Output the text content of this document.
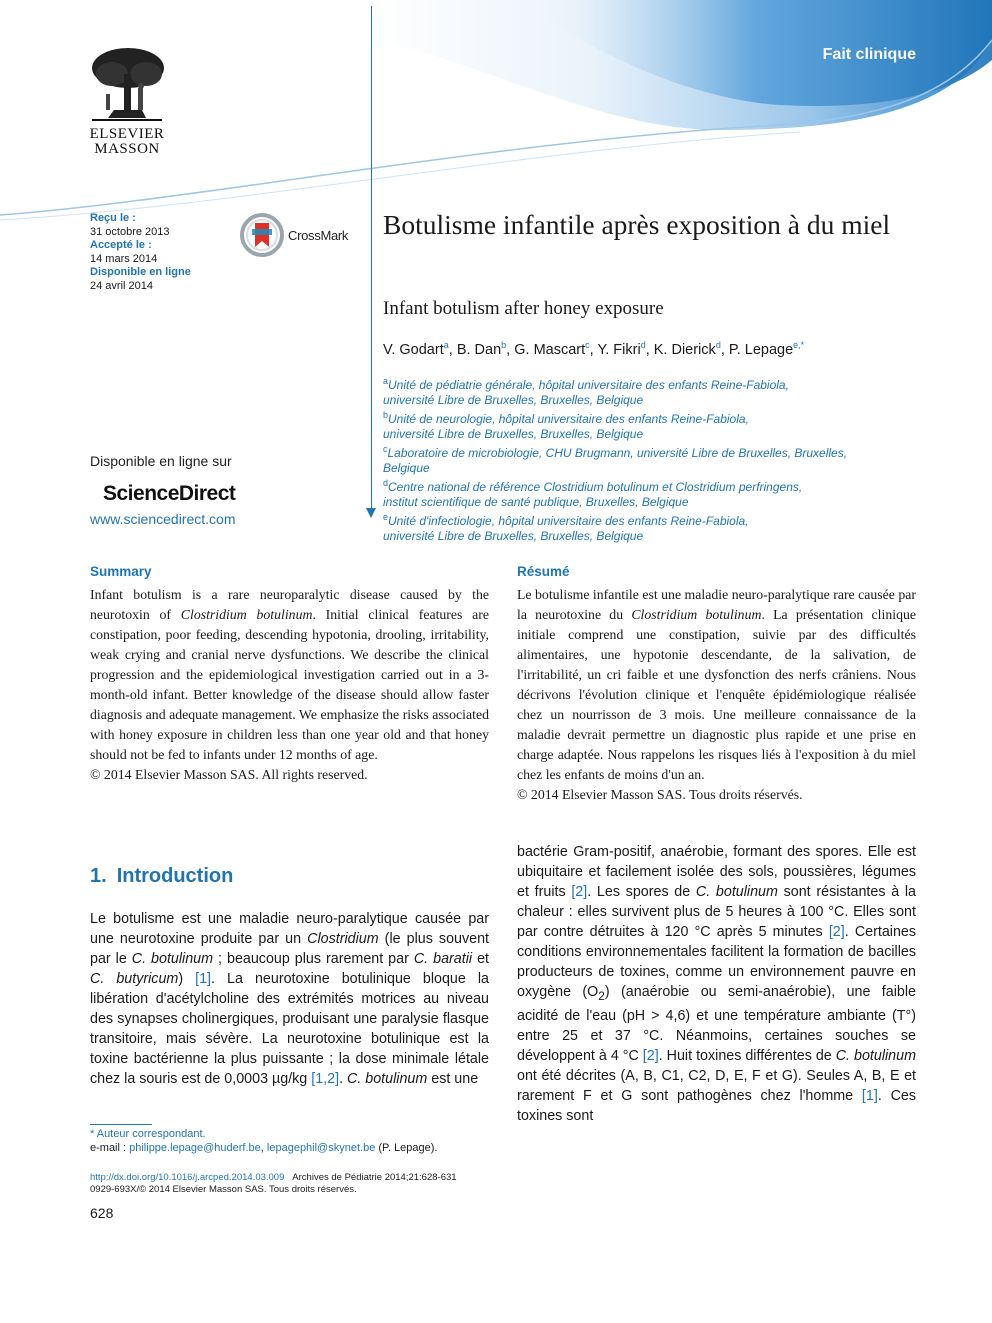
Fait clinique
ELSEVIER
MASSON
Reçu le :
31 octobre 2013
Accepté le :
14 mars 2014
Disponible en ligne
24 avril 2014
CrossMark Botulisme infantile après exposition à du miel
Infant botulism after honey exposure
V. Godart$^a$, B. Dan$^b$, G. Mascart$^c$, Y. Fikri$^d$, K. Dierick$^d$, P. Lepage$^{e,*}$
$^a$Unité de pédiatrie générale, hôpital universitaire des enfants Reine-Fabiola,
université Libre de Bruxelles, Bruxelles, Belgique
$^b$Unité de neurologie, hôpital universitaire des enfants Reine-Fabiola,
université Libre de Bruxelles, Bruxelles, Belgique
$^c$Laboratoire de microbiologie, CHU Brugmann, université Libre de Bruxelles, Bruxelles,
Belgique
$^d$Centre national de référence Clostridium botulinum et Clostridium perfringens,
institut scientifique de santé publique, Bruxelles, Belgique
$^e$Unité d'infectiologie, hôpital universitaire des enfants Reine-Fabiola,
université Libre de Bruxelles, Bruxelles, Belgique
Disponible en ligne sur
ScienceDirect
www.sciencedirect.com
Summary

Infant botulism is a rare neuroparalytic disease caused by the neurotoxin of Clostridium botulinum. Initial clinical features are constipation, poor feeding, descending hypotonia, drooling, irritability, weak crying and cranial nerve dysfunctions. We describe the clinical progression and the epidemiological investigation carried out in a 3-month-old infant. Better knowledge of the disease should allow faster diagnosis and adequate management. We emphasize the risks associated with honey exposure in children less than one year old and that honey should not be fed to infants under 12 months of age.

© 2014 Elsevier Masson SAS. All rights reserved.

Résumé

Le botulisme infantile est une maladie neuro-paralytique rare causée par la neurotoxine du Clostridium botulinum. La présentation clinique initiale comprend une constipation, suivie par des difficultés alimentaires, une hypotonie descendante, de la salivation, de l'irritabilité, un cri faible et une dysfonction des nerfs crâniens. Nous décrivons l'évolution clinique et l'enquête épidémiologique réalisée chez un nourrisson de 3 mois. Une meilleure connaissance de la maladie devrait permettre un diagnostic plus rapide et une prise en charge adaptée. Nous rappelons les risques liés à l'exposition à du miel chez les enfants de moins d'un an.

© 2014 Elsevier Masson SAS. Tous droits réservés.

1. Introduction

Le botulisme est une maladie neuro-paralytique causée par une neurotoxine produite par un Clostridium (le plus souvent par le C. botulinum ; beaucoup plus rarement par C. baratii et C. butyricum) [1]. La neurotoxine botulinique bloque la libération d'acétylcholine des extrémités motrices au niveau des synapses cholinergiques, produisant une paralysie flasque transitoire, mais sévère. La neurotoxine botulinique est la toxine bactérienne la plus puissante ; la dose minimale létale chez la souris est de 0,0003 µg/kg [1,2]. C. botulinum est une

bactérie Gram-positif, anaérobie, formant des spores. Elle est ubiquitaire et facilement isolée des sols, poussières, légumes et fruits [2]. Les spores de C. botulinum sont résistantes à la chaleur : elles survivent plus de 5 heures à 100 °C. Elles sont par contre détruites à 120 °C après 5 minutes [2]. Certaines conditions environnementales facilitent la formation de bacilles producteurs de toxines, comme un environnement pauvre en oxygène $(O_2)$ (anaérobie ou semi-anaérobie), une faible acidité de l'eau (pH > 4,6) et une température ambiante (T°) entre 25 et 37 °C. Néanmoins, certaines souches se développent à 4 °C [2]. Huit toxines différentes de C. botulinum ont été décrites (A, B, C1, C2, D, E, F et G). Seules A, B, E et rarement F et G sont pathogènes chez l'homme [1]. Ces toxines sont

* Auteur correspondant.
e-mail : philippe.lepage@huderf.be, lepagephil@skynet.be (P. Lepage).
http://dx.doi.org/10.1016/j.arcped.2014.03.009 Archives de Pédiatrie 2014;21:628-631
0929-693X/© 2014 Elsevier Masson SAS. Tous droits réservés.
628
